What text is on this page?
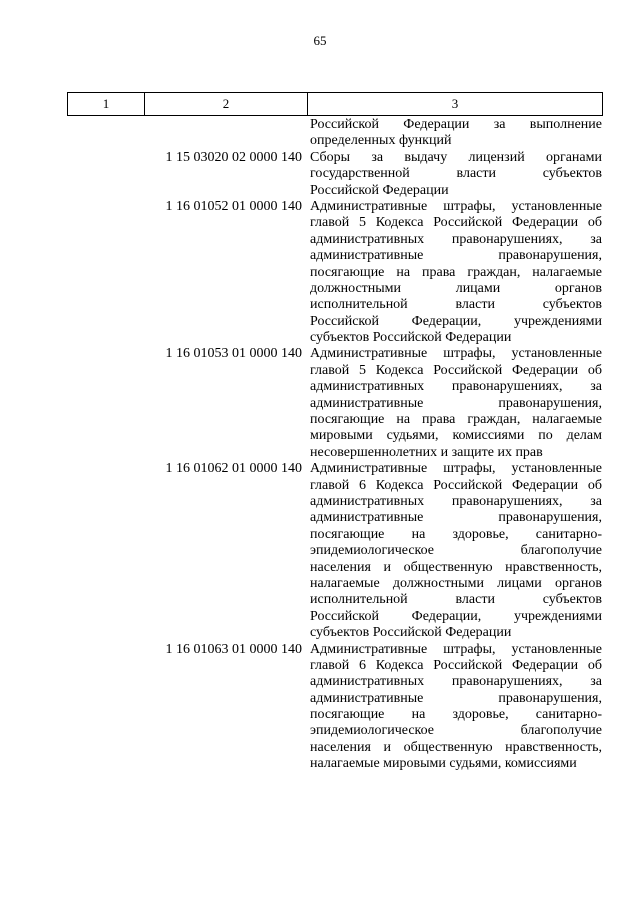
65
1	2	3
Российской Федерации за выполнение
определенных функций
1 15 03020 02 0000 140 Сборы за выдачу лицензий органами
государственной власти субъектов
Российской Федерации
1 16 01052 01 0000 140 Административные штрафы, установленные
главой 5 Кодекса Российской Федерации об
административных правонарушениях, за
административные правонарушения,
посягающие на права граждан, налагаемые
должностными лицами органов
исполнительной власти субъектов
Российской Федерации, учреждениями
субъектов Российской Федерации
1 16 01053 01 0000 140 Административные штрафы, установленные
главой 5 Кодекса Российской Федерации об
административных правонарушениях, за
административные правонарушения,
посягающие на права граждан, налагаемые
мировыми судьями, комиссиями по делам
несовершеннолетних и защите их прав
1 16 01062 01 0000 140 Административные штрафы, установленные
главой 6 Кодекса Российской Федерации об
административных правонарушениях, за
административные правонарушения,
посягающие на здоровье, санитарно-
эпидемиологическое благополучие
населения и общественную нравственность,
налагаемые должностными лицами органов
исполнительной власти субъектов
Российской Федерации, учреждениями
субъектов Российской Федерации
1 16 01063 01 0000 140 Административные штрафы, установленные
главой 6 Кодекса Российской Федерации об
административных правонарушениях, за
административные правонарушения,
посягающие на здоровье, санитарно-
эпидемиологическое благополучие
населения и общественную нравственность,
налагаемые мировыми судьями, комиссиями
